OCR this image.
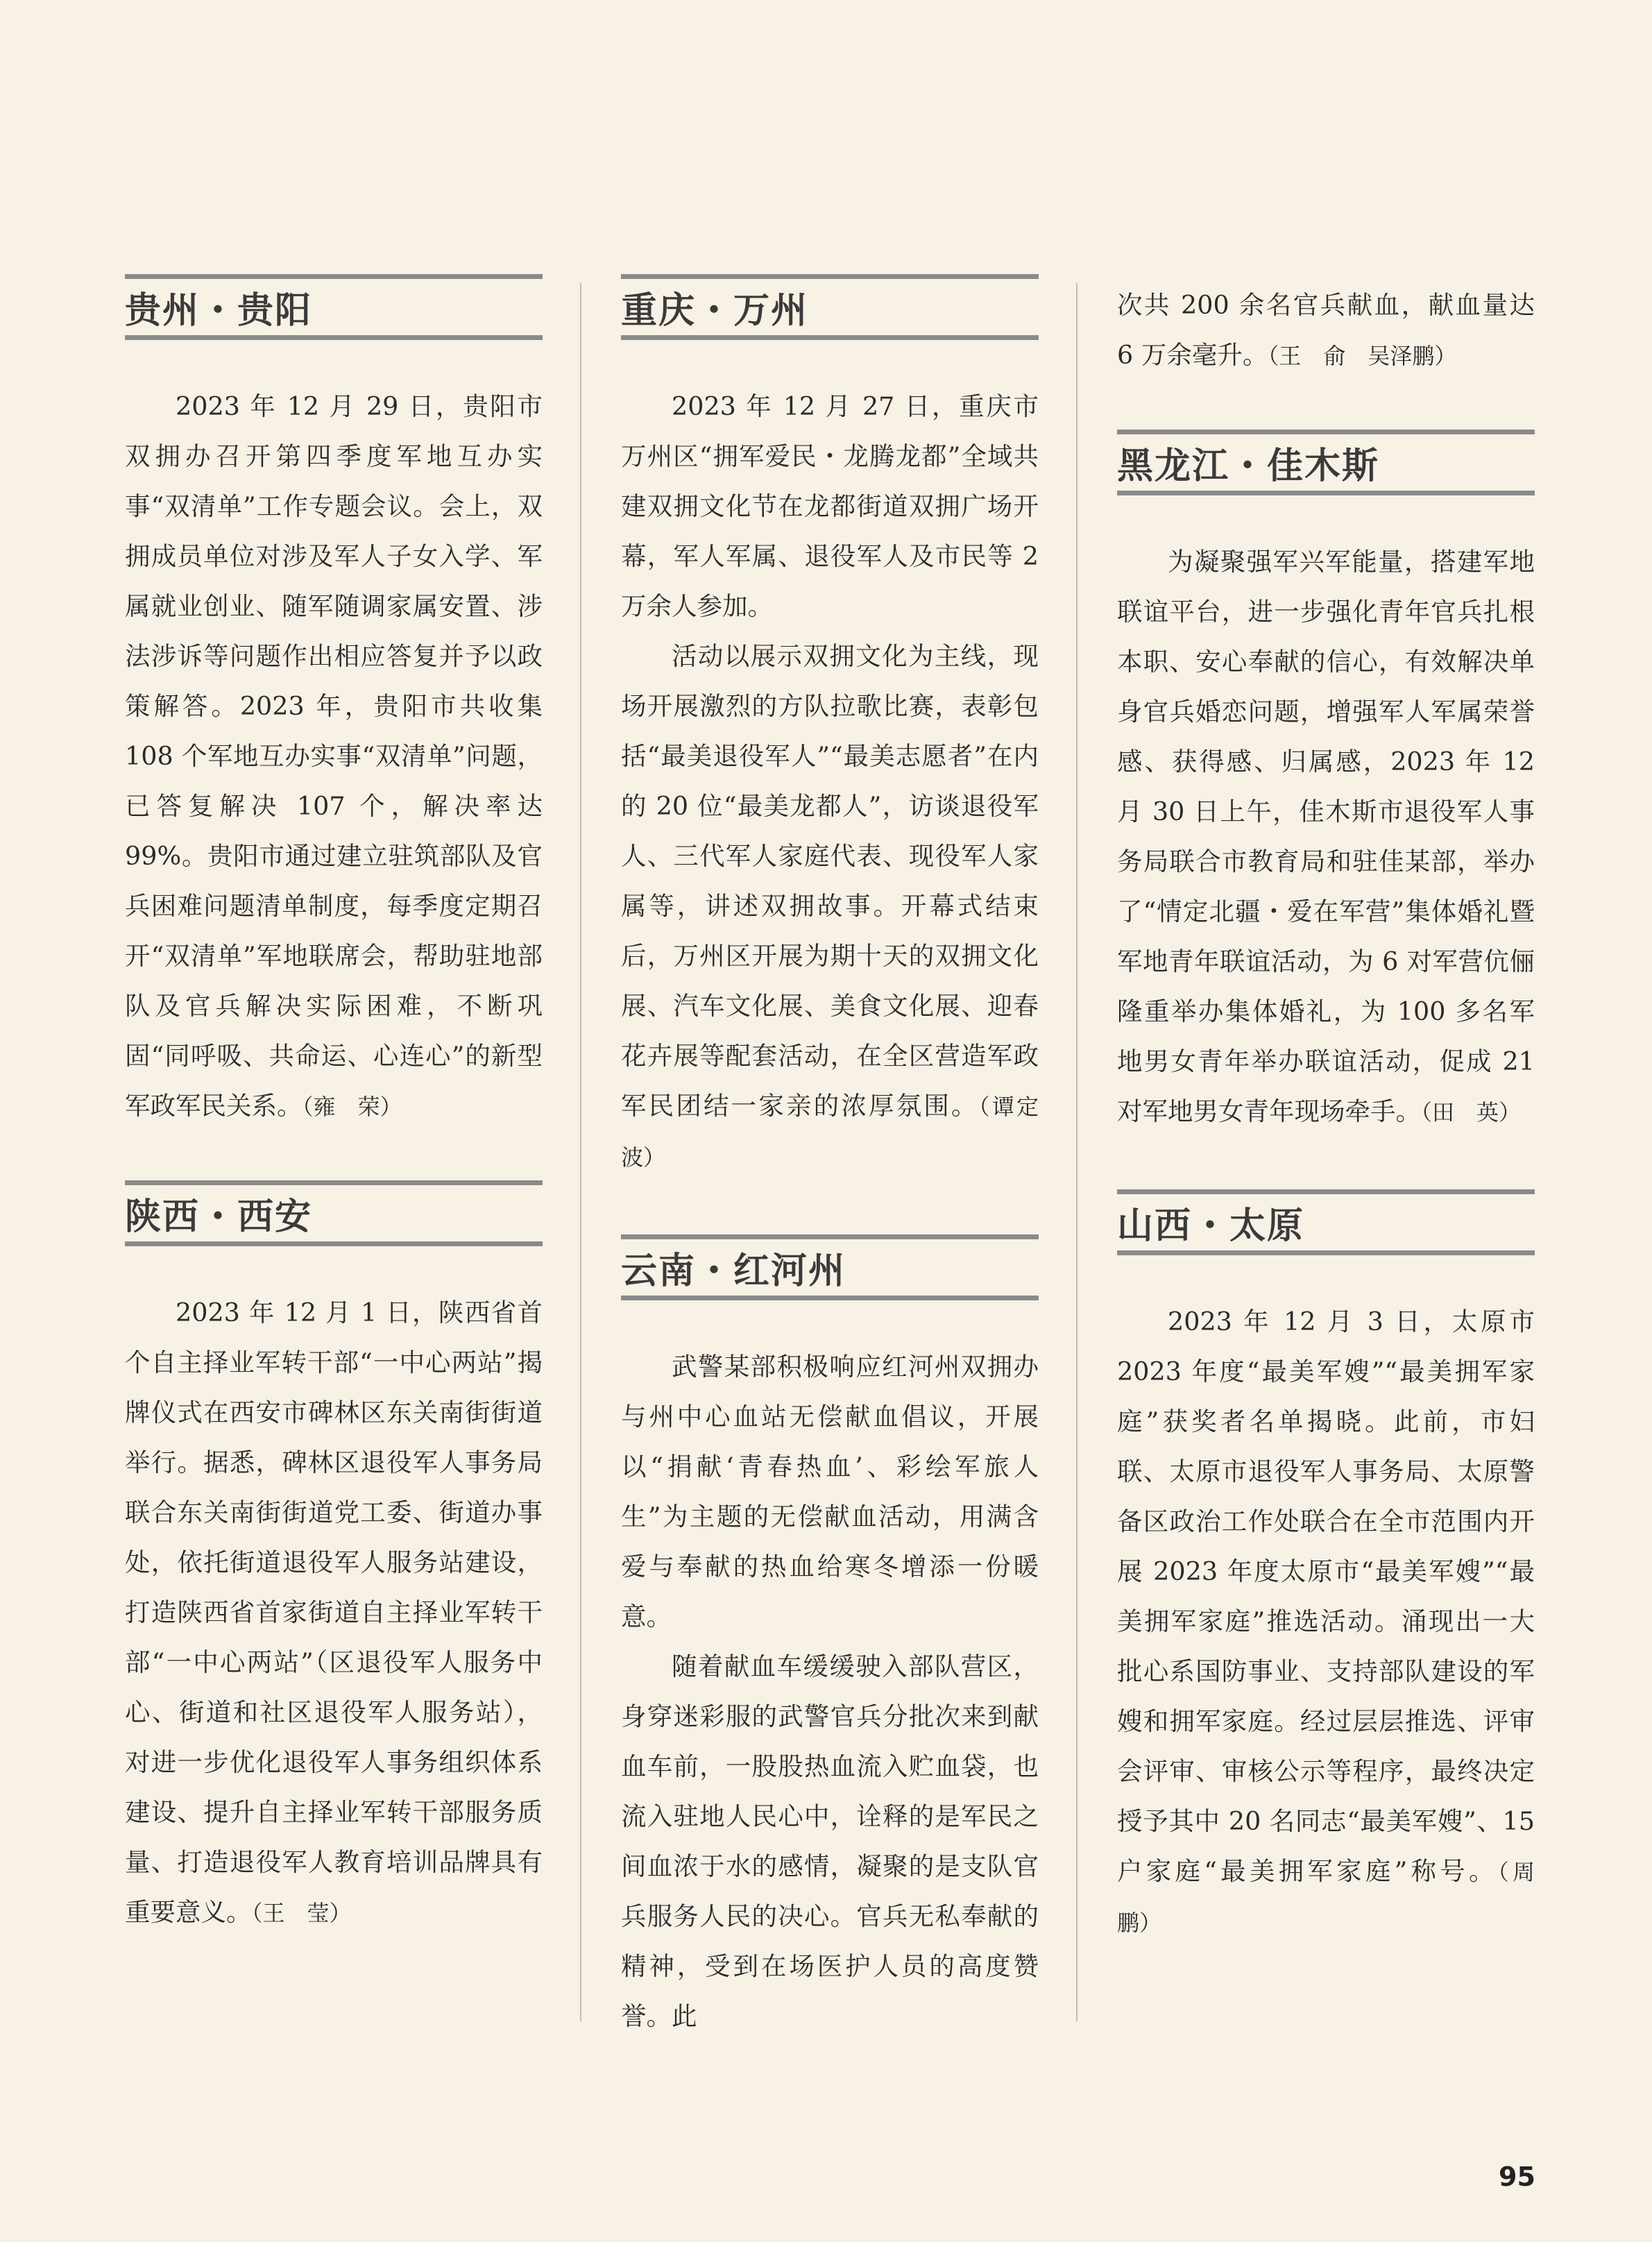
贵州・贵阳

2023 年 12 月 29 日，贵阳市双拥办召开第四季度军地互办实事“双清单”工作专题会议。会上，双拥成员单位对涉及军人子女入学、军属就业创业、随军随调家属安置、涉法涉诉等问题作出相应答复并予以政策解答。2023 年，贵阳市共收集 108 个军地互办实事“双清单”问题，已答复解决 107 个，解决率达 99%。贵阳市通过建立驻筑部队及官兵困难问题清单制度，每季度定期召开“双清单”军地联席会，帮助驻地部队及官兵解决实际困难，不断巩固“同呼吸、共命运、心连心”的新型军政军民关系。（雍　荣）

陕西・西安

2023 年 12 月 1 日，陕西省首个自主择业军转干部“一中心两站”揭牌仪式在西安市碑林区东关南街街道举行。据悉，碑林区退役军人事务局联合东关南街街道党工委、街道办事处，依托街道退役军人服务站建设，打造陕西省首家街道自主择业军转干部“一中心两站”（区退役军人服务中心、街道和社区退役军人服务站），对进一步优化退役军人事务组织体系建设、提升自主择业军转干部服务质量、打造退役军人教育培训品牌具有重要意义。（王　莹）

重庆・万州

2023 年 12 月 27 日，重庆市万州区“拥军爱民・龙腾龙都”全域共建双拥文化节在龙都街道双拥广场开幕，军人军属、退役军人及市民等 2 万余人参加。

活动以展示双拥文化为主线，现场开展激烈的方队拉歌比赛，表彰包括“最美退役军人”“最美志愿者”在内的 20 位“最美龙都人”，访谈退役军人、三代军人家庭代表、现役军人家属等，讲述双拥故事。开幕式结束后，万州区开展为期十天的双拥文化展、汽车文化展、美食文化展、迎春花卉展等配套活动，在全区营造军政军民团结一家亲的浓厚氛围。（谭定波）

云南・红河州

武警某部积极响应红河州双拥办与州中心血站无偿献血倡议，开展以“捐献‘青春热血’、彩绘军旅人生”为主题的无偿献血活动，用满含爱与奉献的热血给寒冬增添一份暖意。

随着献血车缓缓驶入部队营区，身穿迷彩服的武警官兵分批次来到献血车前，一股股热血流入贮血袋，也流入驻地人民心中，诠释的是军民之间血浓于水的感情，凝聚的是支队官兵服务人民的决心。官兵无私奉献的精神，受到在场医护人员的高度赞誉。此

次共 200 余名官兵献血，献血量达 6 万余毫升。（王　俞　吴泽鹏）

黑龙江・佳木斯

为凝聚强军兴军能量，搭建军地联谊平台，进一步强化青年官兵扎根本职、安心奉献的信心，有效解决单身官兵婚恋问题，增强军人军属荣誉感、获得感、归属感，2023 年 12 月 30 日上午，佳木斯市退役军人事务局联合市教育局和驻佳某部，举办了“情定北疆・爱在军营”集体婚礼暨军地青年联谊活动，为 6 对军营伉俪隆重举办集体婚礼，为 100 多名军地男女青年举办联谊活动，促成 21 对军地男女青年现场牵手。（田　英）

山西・太原

2023 年 12 月 3 日，太原市 2023 年度“最美军嫂”“最美拥军家庭”获奖者名单揭晓。此前，市妇联、太原市退役军人事务局、太原警备区政治工作处联合在全市范围内开展 2023 年度太原市“最美军嫂”“最美拥军家庭”推选活动。涌现出一大批心系国防事业、支持部队建设的军嫂和拥军家庭。经过层层推选、评审会评审、审核公示等程序，最终决定授予其中 20 名同志“最美军嫂”、15 户家庭“最美拥军家庭”称号。（周　鹏）

95
